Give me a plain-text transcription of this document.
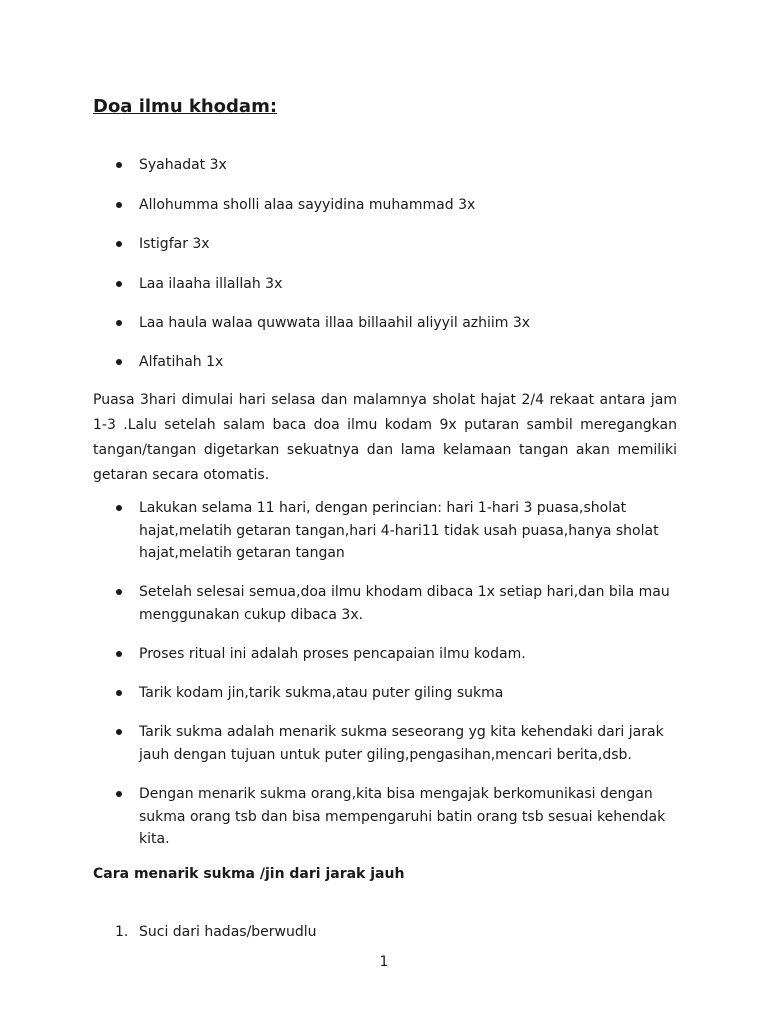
Doa ilmu khodam:
Syahadat 3x
Allohumma sholli alaa sayyidina muhammad 3x
Istigfar 3x
Laa ilaaha illallah 3x
Laa haula walaa quwwata illaa billaahil aliyyil azhiim 3x
Alfatihah 1x

Puasa 3hari dimulai hari selasa dan malamnya sholat hajat 2/4 rekaat antara jam 1-3 .Lalu setelah salam baca doa ilmu kodam 9x putaran sambil meregangkan tangan/tangan digetarkan sekuatnya dan lama kelamaan tangan akan memiliki getaran secara otomatis.

Lakukan selama 11 hari, dengan perincian: hari 1-hari 3 puasa,sholat hajat,melatih getaran tangan,hari 4-hari11 tidak usah puasa,hanya sholat hajat,melatih getaran tangan
Setelah selesai semua,doa ilmu khodam dibaca 1x setiap hari,dan bila mau menggunakan cukup dibaca 3x.
Proses ritual ini adalah proses pencapaian ilmu kodam.
Tarik kodam jin,tarik sukma,atau puter giling sukma
Tarik sukma adalah menarik sukma seseorang yg kita kehendaki dari jarak jauh dengan tujuan untuk puter giling,pengasihan,mencari berita,dsb.
Dengan menarik sukma orang,kita bisa mengajak berkomunikasi dengan sukma orang tsb dan bisa mempengaruhi batin orang tsb sesuai kehendak kita.
Cara menarik sukma /jin dari jarak jauh
1. Suci dari hadas/berwudlu
1
